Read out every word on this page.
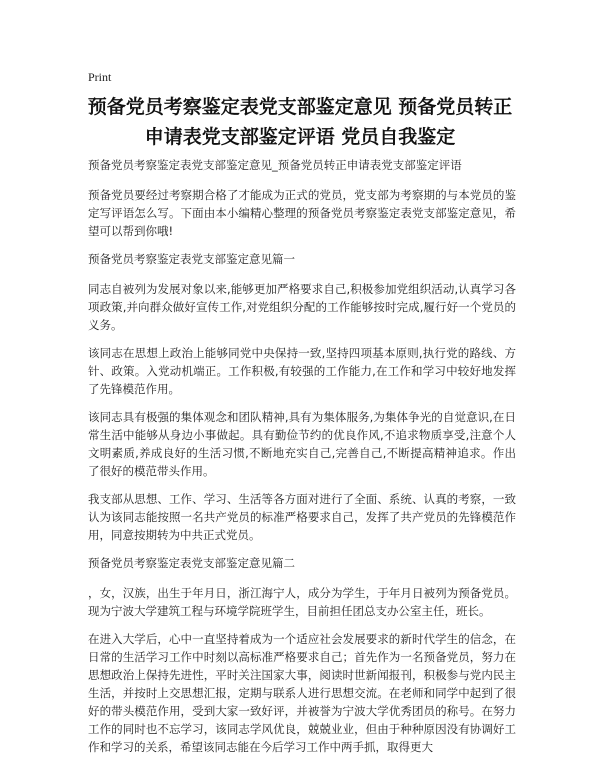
Print
预备党员考察鉴定表党支部鉴定意见 预备党员转正申请表党支部鉴定评语 党员自我鉴定

预备党员考察鉴定表党支部鉴定意见_预备党员转正申请表党支部鉴定评语

预备党员要经过考察期合格了才能成为正式的党员，党支部为考察期的与本党员的鉴定写评语怎么写。下面由本小编精心整理的预备党员考察鉴定表党支部鉴定意见，希望可以帮到你哦!

预备党员考察鉴定表党支部鉴定意见篇一

同志自被列为发展对象以来,能够更加严格要求自己,积极参加党组织活动,认真学习各项政策,并向群众做好宣传工作,对党组织分配的工作能够按时完成,履行好一个党员的义务。

该同志在思想上政治上能够同党中央保持一致,坚持四项基本原则,执行党的路线、方针、政策。入党动机端正。工作积极,有较强的工作能力,在工作和学习中较好地发挥了先锋模范作用。

该同志具有极强的集体观念和团队精神,具有为集体服务,为集体争光的自觉意识,在日常生活中能够从身边小事做起。具有勤俭节约的优良作风,不追求物质享受,注意个人文明素质,养成良好的生活习惯,不断地充实自己,完善自己,不断提高精神追求。作出了很好的模范带头作用。

我支部从思想、工作、学习、生活等各方面对进行了全面、系统、认真的考察，一致认为该同志能按照一名共产党员的标准严格要求自己，发挥了共产党员的先锋模范作用，同意按期转为中共正式党员。

预备党员考察鉴定表党支部鉴定意见篇二

，女，汉族，出生于年月日，浙江海宁人，成分为学生，于年月日被列为预备党员。现为宁波大学建筑工程与环境学院班学生，目前担任团总支办公室主任，班长。

在进入大学后，心中一直坚持着成为一个适应社会发展要求的新时代学生的信念，在日常的生活学习工作中时刻以高标准严格要求自己；首先作为一名预备党员，努力在思想政治上保持先进性，平时关注国家大事，阅读时世新闻报刊，积极参与党内民主生活，并按时上交思想汇报，定期与联系人进行思想交流。在老师和同学中起到了很好的带头模范作用，受到大家一致好评，并被誉为宁波大学优秀团员的称号。在努力工作的同时也不忘学习，该同志学风优良，兢兢业业，但由于种种原因没有协调好工作和学习的关系，希望该同志能在今后学习工作中两手抓，取得更大
